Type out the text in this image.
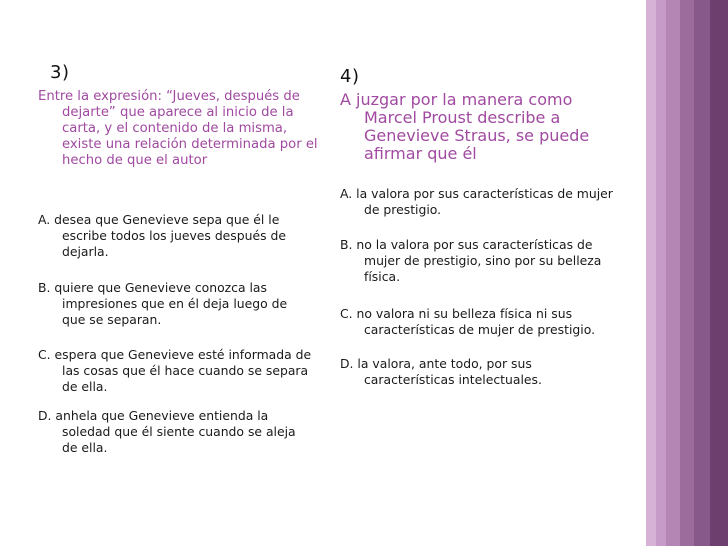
3)

Entre la expresión: “Jueves, después de dejarte” que aparece al inicio de la carta, y el contenido de la misma, existe una relación determinada por el hecho de que el autor

A. desea que Genevieve sepa que él le escribe todos los jueves después de dejarla.

B. quiere que Genevieve conozca las impresiones que en él deja luego de que se separan.

C. espera que Genevieve esté informada de las cosas que él hace cuando se separa de ella.

D. anhela que Genevieve entienda la soledad que él siente cuando se aleja de ella.

4)

A juzgar por la manera como Marcel Proust describe a Genevieve Straus, se puede afirmar que él

A. la valora por sus características de mujer de prestigio.

B. no la valora por sus características de mujer de prestigio, sino por su belleza física.

C. no valora ni su belleza física ni sus características de mujer de prestigio.

D. la valora, ante todo, por sus características intelectuales.
